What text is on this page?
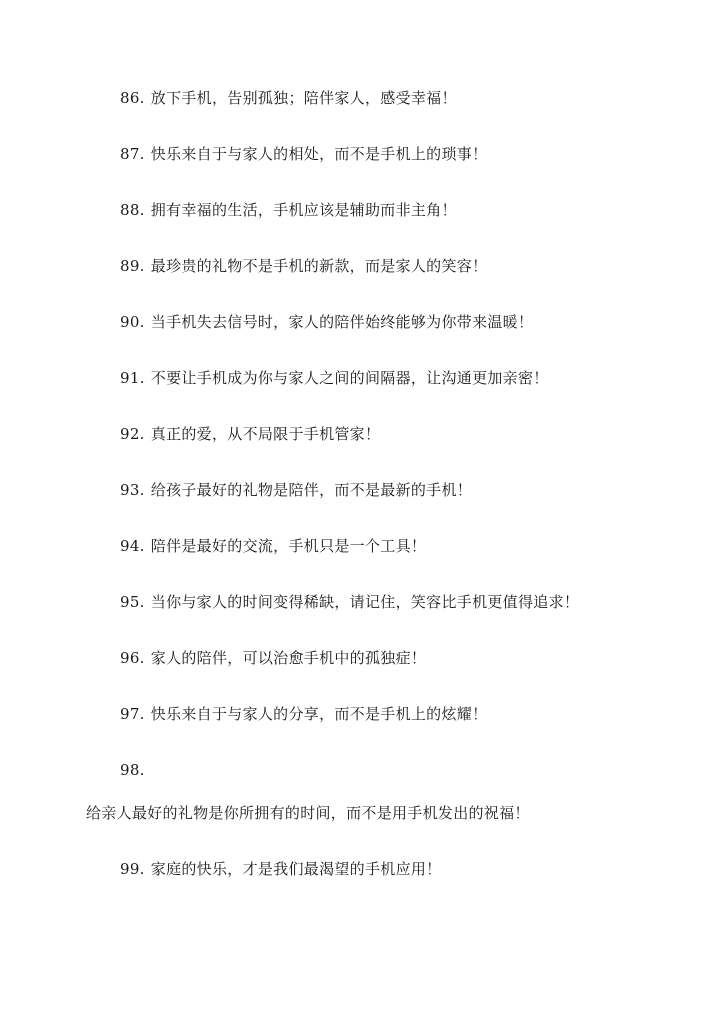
86. 放下手机，告别孤独；陪伴家人，感受幸福！
87. 快乐来自于与家人的相处，而不是手机上的琐事！
88. 拥有幸福的生活，手机应该是辅助而非主角！
89. 最珍贵的礼物不是手机的新款，而是家人的笑容！
90. 当手机失去信号时，家人的陪伴始终能够为你带来温暖！
91. 不要让手机成为你与家人之间的间隔器，让沟通更加亲密！
92. 真正的爱，从不局限于手机管家！
93. 给孩子最好的礼物是陪伴，而不是最新的手机！
94. 陪伴是最好的交流，手机只是一个工具！
95. 当你与家人的时间变得稀缺，请记住，笑容比手机更值得追求！
96. 家人的陪伴，可以治愈手机中的孤独症！
97. 快乐来自于与家人的分享，而不是手机上的炫耀！
98.
给亲人最好的礼物是你所拥有的时间，而不是用手机发出的祝福！
99. 家庭的快乐，才是我们最渴望的手机应用！
